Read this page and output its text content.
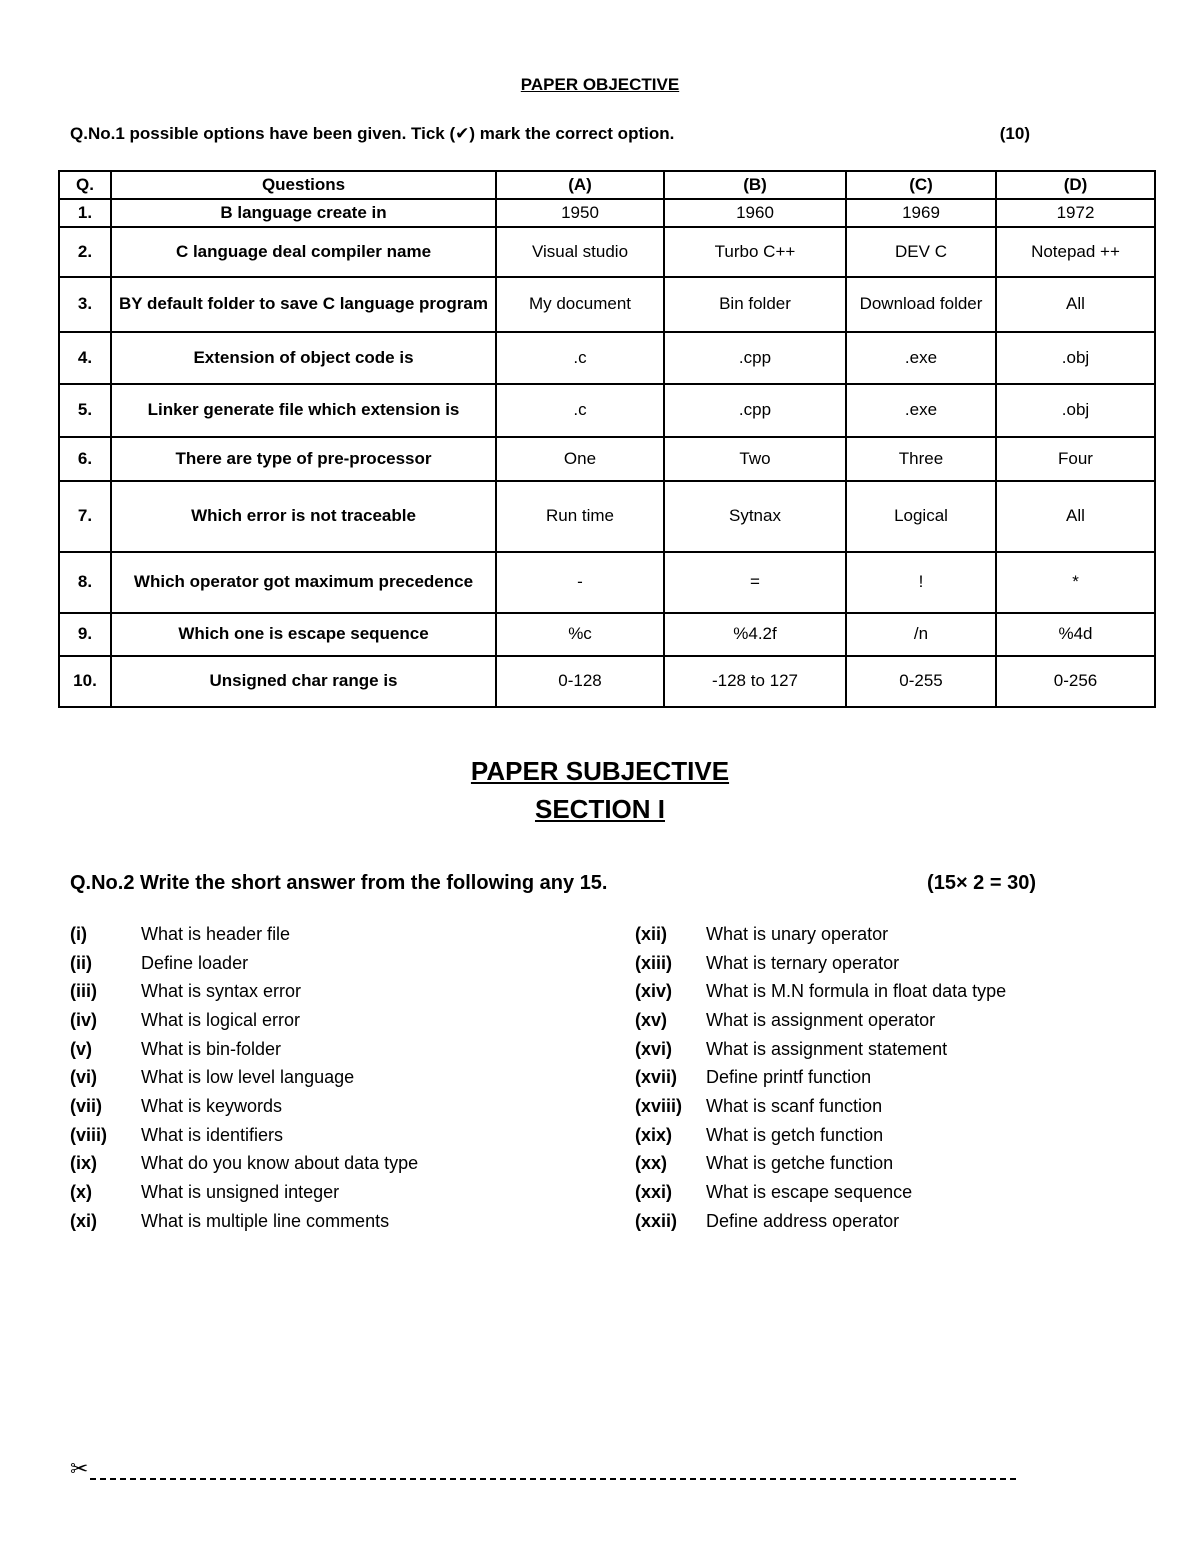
PAPER OBJECTIVE
Q.No.1 possible options have been given. Tick (✔) mark the correct option.	(10)
Q.	Questions	(A)	(B)	(C)	(D)
1.	B language create in	1950	1960	1969	1972
2.	C language deal compiler name	Visual studio	Turbo C++	DEV C	Notepad ++
3.	BY default folder to save C language program	My document	Bin folder	Download folder	All
4.	Extension of object code is	.c	.cpp	.exe	.obj
5.	Linker generate file which extension is	.c	.cpp	.exe	.obj
6.	There are type of pre-processor	One	Two	Three	Four
7.	Which error is not traceable	Run time	Sytnax	Logical	All
8.	Which operator got maximum precedence	-	=	!	*
9.	Which one is escape sequence	%c	%4.2f	/n	%4d
10.	Unsigned char range is	0-128	-128 to 127	0-255	0-256
PAPER SUBJECTIVE
SECTION I
Q.No.2 Write the short answer from the following any 15.	(15× 2 = 30)
(i)	What is header file
(ii)	Define loader
(iii)	What is syntax error
(iv)	What is logical error
(v)	What is bin-folder
(vi)	What is low level language
(vii)	What is keywords
(viii)	What is identifiers
(ix)	What do you know about data type
(x)	What is unsigned integer
(xi)	What is multiple line comments
(xii)	What is unary operator
(xiii)	What is ternary operator
(xiv)	What is M.N formula in float data type
(xv)	What is assignment operator
(xvi)	What is assignment statement
(xvii)	Define printf function
(xviii)	What is scanf function
(xix)	What is getch function
(xx)	What is getche function
(xxi)	What is escape sequence
(xxii)	Define address operator
✂
